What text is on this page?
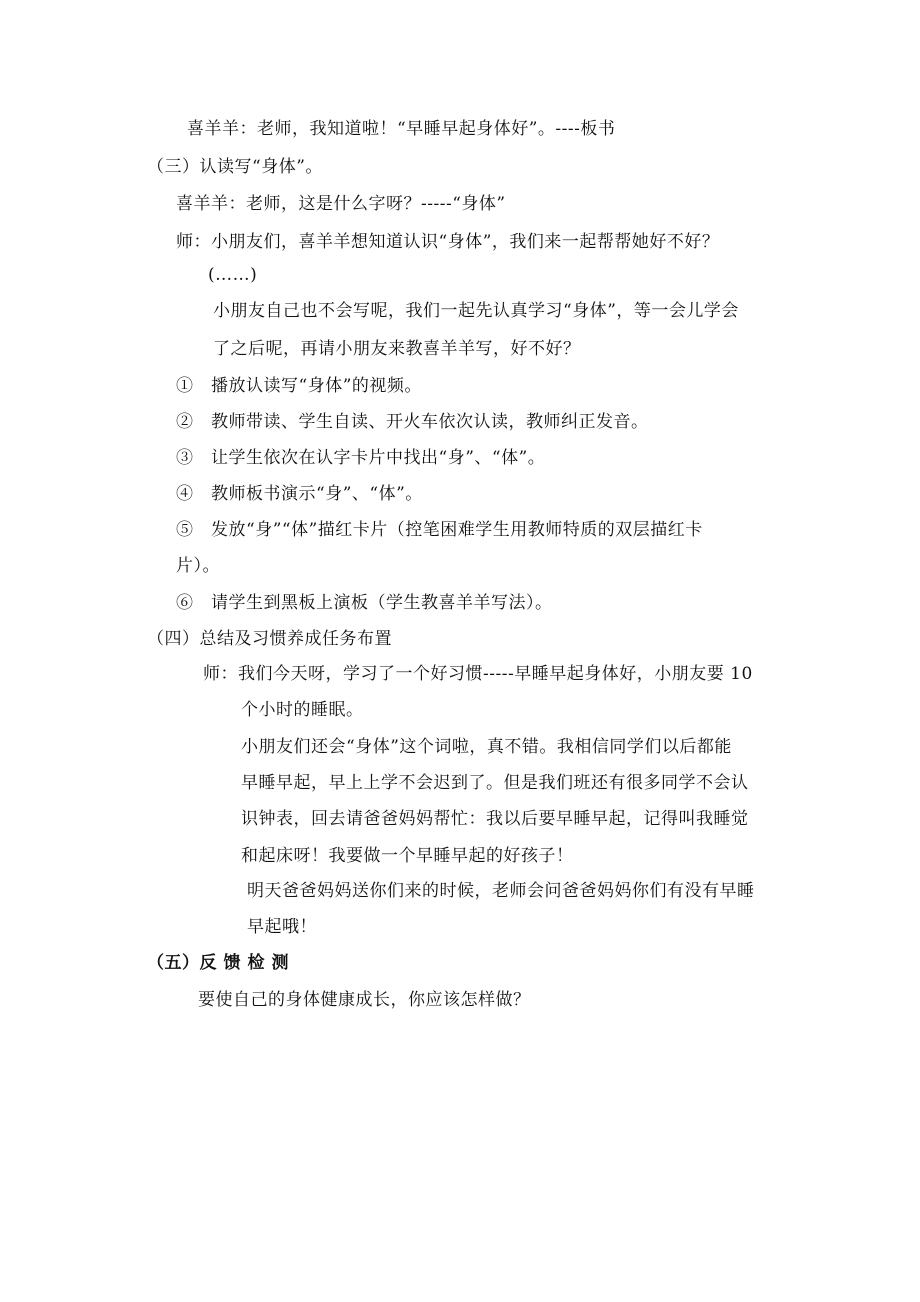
喜羊羊：老师，我知道啦！“早睡早起身体好”。----板书
（三）认读写“身体”。
喜羊羊：老师，这是什么字呀？-----“身体”
师：小朋友们，喜羊羊想知道认识“身体”，我们来一起帮帮她好不好？
(……)
小朋友自己也不会写呢，我们一起先认真学习“身体”，等一会儿学会
了之后呢，再请小朋友来教喜羊羊写，好不好？
①　播放认读写“身体”的视频。
②　教师带读、学生自读、开火车依次认读，教师纠正发音。
③　让学生依次在认字卡片中找出“身”、“体”。
④　教师板书演示“身”、“体”。
⑤　发放“身”“体”描红卡片（控笔困难学生用教师特质的双层描红卡
片）。
⑥　请学生到黑板上演板（学生教喜羊羊写法）。
（四）总结及习惯养成任务布置
师：我们今天呀，学习了一个好习惯-----早睡早起身体好，小朋友要 10
个小时的睡眠。
小朋友们还会“身体”这个词啦，真不错。我相信同学们以后都能
早睡早起，早上上学不会迟到了。但是我们班还有很多同学不会认
识钟表，回去请爸爸妈妈帮忙：我以后要早睡早起，记得叫我睡觉
和起床呀！我要做一个早睡早起的好孩子！
明天爸爸妈妈送你们来的时候，老师会问爸爸妈妈你们有没有早睡
早起哦！
（五）反馈检测
要使自己的身体健康成长，你应该怎样做？
